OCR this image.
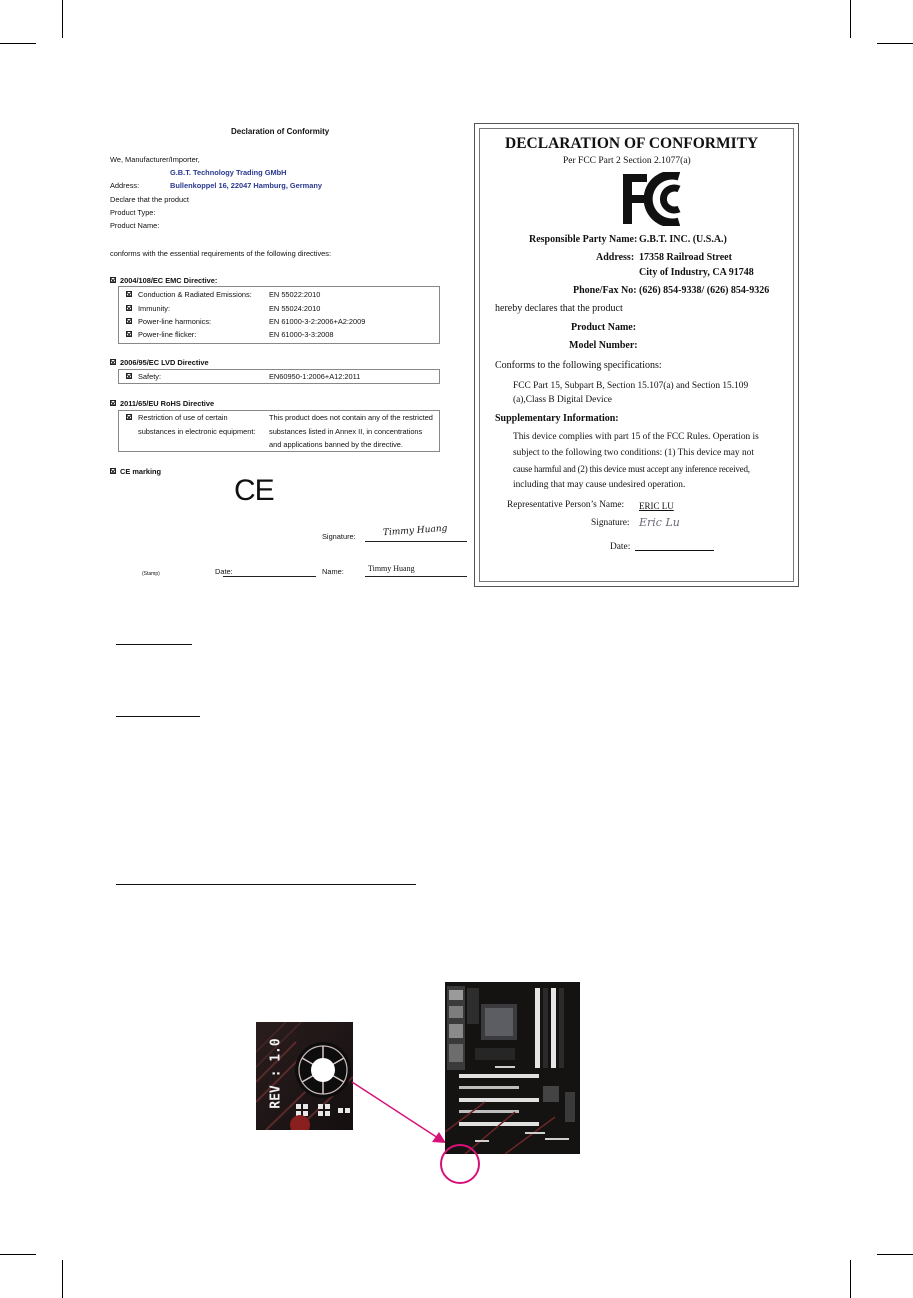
Declaration of Conformity
We, Manufacturer/Importer,
G.B.T. Technology Trading GMbH
Address:	Bullenkoppel 16, 22047 Hamburg, Germany
Declare that the product
Product Type:
Product Name:
conforms with the essential requirements of the following directives:
2004/108/EC EMC Directive:
Conduction & Radiated Emissions: EN 55022:2010
Immunity:	EN 55024:2010
Power-line harmonics:	EN 61000-3-2:2006+A2:2009
Power-line flicker:	EN 61000-3-3:2008
2006/95/EC LVD Directive
Safety:	EN60950-1:2006+A12:2011
2011/65/EU RoHS Directive
Restriction of use of certain
substances in electronic equipment:
This product does not contain any of the restricted
substances listed in Annex II, in concentrations
and applications banned by the directive.
CE marking
CE
Signature:	Timmy Huang
(Stamp)	Date:	Name:	Timmy Huang
DECLARATION OF CONFORMITY
Per FCC Part 2 Section 2.1077(a)
Responsible Party Name: G.B.T. INC. (U.S.A.)
Address: 17358 Railroad Street
City of Industry, CA 91748
Phone/Fax No: (626) 854-9338/ (626) 854-9326
hereby declares that the product
Product Name:
Model Number:
Conforms to the following specifications:
FCC Part 15, Subpart B, Section 15.107(a) and Section 15.109
(a),Class B Digital Device
Supplementary Information:
This device complies with part 15 of the FCC Rules. Operation is
subject to the following two conditions: (1) This device may not
cause harmful and (2) this device must accept any inference received,
including that may cause undesired operation.
Representative Person’s Name: ERIC LU
Signature: Eric Lu
Date:
REV : 1.0
